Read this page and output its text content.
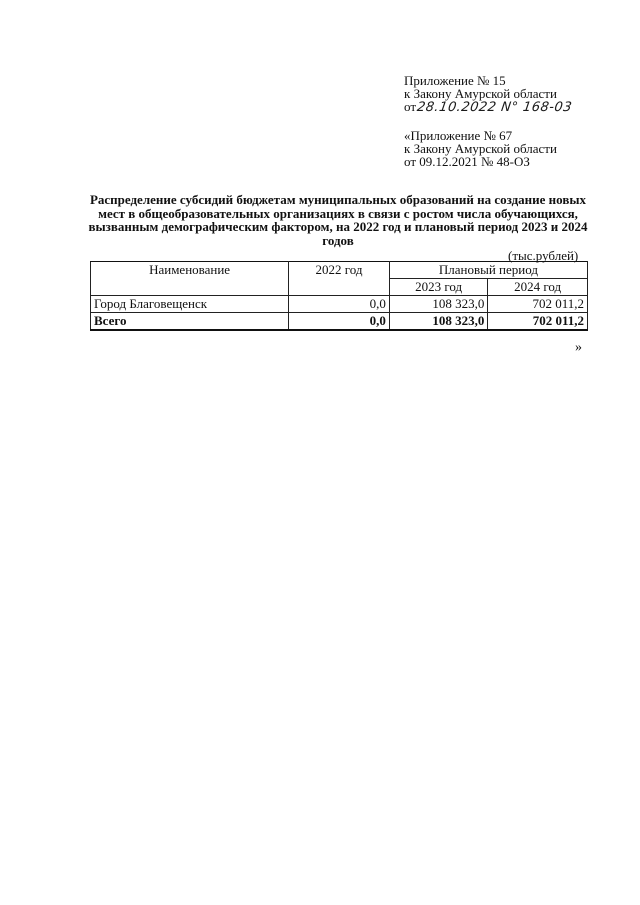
Приложение № 15
к Закону Амурской области
от 28.10.2022 N° 168-03
«Приложение № 67
к Закону Амурской области
от 09.12.2021 № 48-ОЗ
Распределение субсидий бюджетам муниципальных образований на создание новых мест в общеобразовательных организациях в связи с ростом числа обучающихся, вызванным демографическим фактором, на 2022 год и плановый период 2023 и 2024 годов
(тыс.рублей)
Наименование	2022 год	Плановый период	
		2023 год	2024 год
Город Благовещенск	0,0	108 323,0	702 011,2
Всего	0,0	108 323,0	702 011,2
»
